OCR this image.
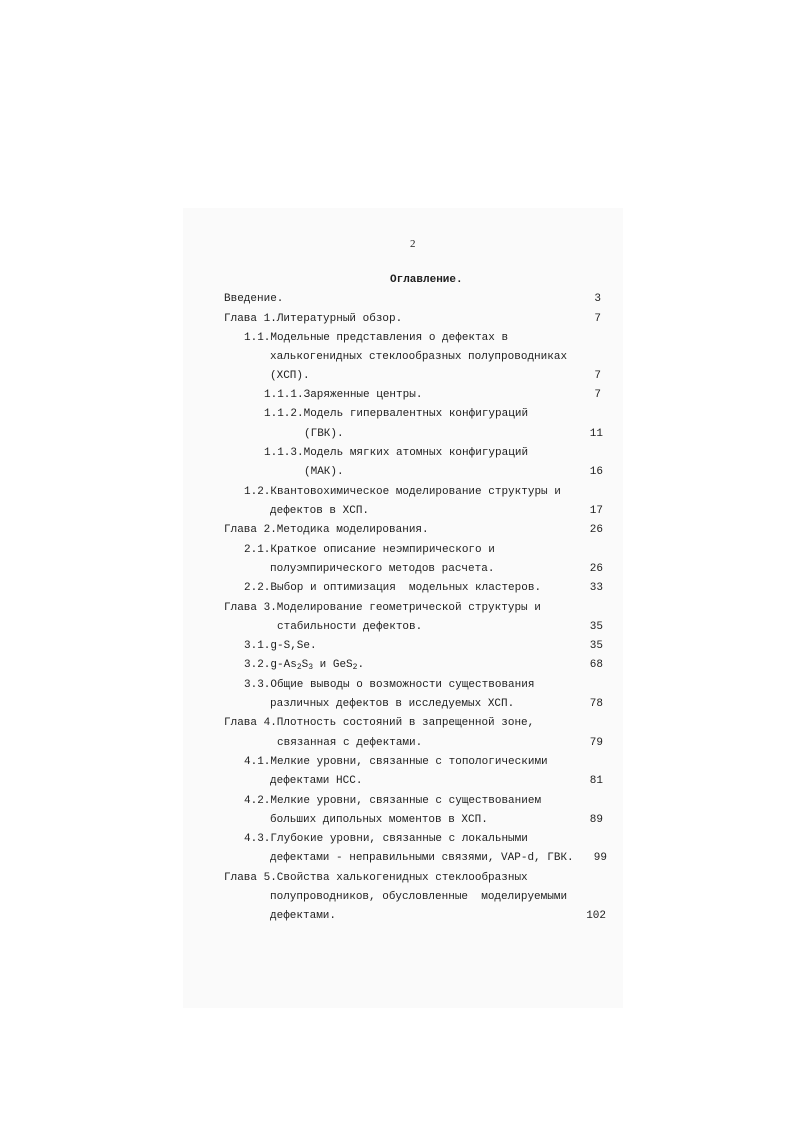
2
Оглавление.
Введение.	3
Глава 1.Литературный обзор.	7
1.1.Модельные представления о дефектах в
халькогенидных стеклообразных полупроводниках
(ХСП).	7
1.1.1.Заряженные центры.	7
1.1.2.Модель гипервалентных конфигураций
(ГВК).	11
1.1.3.Модель мягких атомных конфигураций
(МАК).	16
1.2.Квантовохимическое моделирование структуры и
дефектов в ХСП.	17
Глава 2.Методика моделирования.	26
2.1.Краткое описание неэмпирического и
полуэмпирического методов расчета.	26
2.2.Выбор и оптимизация  модельных кластеров.	33
Глава 3.Моделирование геометрической структуры и
стабильности дефектов.	35
3.1.g-S,Se.	35
$3.2.g-As_2S_3$ и GeS$_2$.	68
3.3.Общие выводы о возможности существования
различных дефектов в исследуемых ХСП.	78
Глава 4.Плотность состояний в запрещенной зоне,
связанная с дефектами.	79
4.1.Мелкие уровни, связанные с топологическими
дефектами НСС.	81
4.2.Мелкие уровни, связанные с существованием
больших дипольных моментов в ХСП.	89
4.3.Глубокие уровни, связанные с локальными
дефектами - неправильными связями, VAP-d, ГВК.	99
Глава 5.Свойства халькогенидных стеклообразных
полупроводников, обусловленные  моделируемыми
дефектами.	102
